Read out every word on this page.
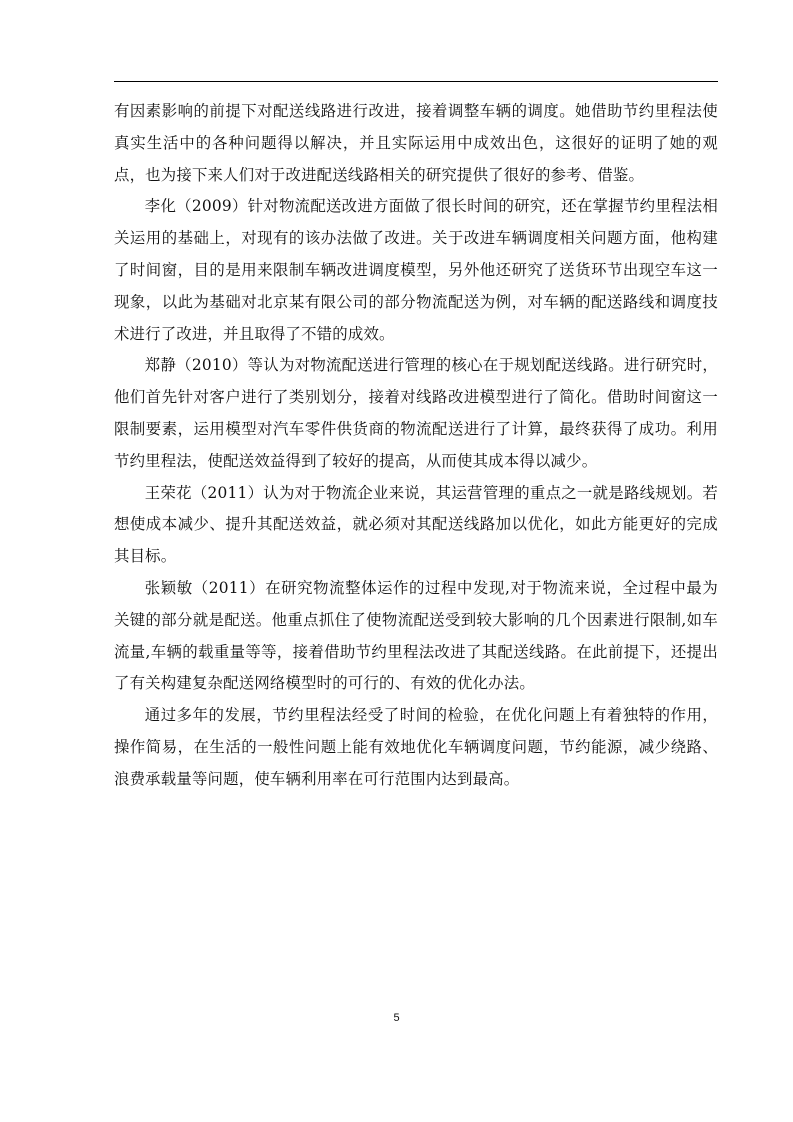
有因素影响的前提下对配送线路进行改进，接着调整车辆的调度。她借助节约里程法使真实生活中的各种问题得以解决，并且实际运用中成效出色，这很好的证明了她的观点，也为接下来人们对于改进配送线路相关的研究提供了很好的参考、借鉴。

李化（2009）针对物流配送改进方面做了很长时间的研究，还在掌握节约里程法相关运用的基础上，对现有的该办法做了改进。关于改进车辆调度相关问题方面，他构建了时间窗，目的是用来限制车辆改进调度模型，另外他还研究了送货环节出现空车这一现象，以此为基础对北京某有限公司的部分物流配送为例，对车辆的配送路线和调度技术进行了改进，并且取得了不错的成效。

郑静（2010）等认为对物流配送进行管理的核心在于规划配送线路。进行研究时，他们首先针对客户进行了类别划分，接着对线路改进模型进行了简化。借助时间窗这一限制要素，运用模型对汽车零件供货商的物流配送进行了计算，最终获得了成功。利用节约里程法，使配送效益得到了较好的提高，从而使其成本得以减少。

王荣花（2011）认为对于物流企业来说，其运营管理的重点之一就是路线规划。若想使成本减少、提升其配送效益，就必须对其配送线路加以优化，如此方能更好的完成其目标。

张颖敏（2011）在研究物流整体运作的过程中发现,对于物流来说，全过程中最为关键的部分就是配送。他重点抓住了使物流配送受到较大影响的几个因素进行限制,如车流量,车辆的载重量等等，接着借助节约里程法改进了其配送线路。在此前提下，还提出了有关构建复杂配送网络模型时的可行的、有效的优化办法。

通过多年的发展，节约里程法经受了时间的检验，在优化问题上有着独特的作用，操作简易，在生活的一般性问题上能有效地优化车辆调度问题，节约能源，减少绕路、浪费承载量等问题，使车辆利用率在可行范围内达到最高。

5
